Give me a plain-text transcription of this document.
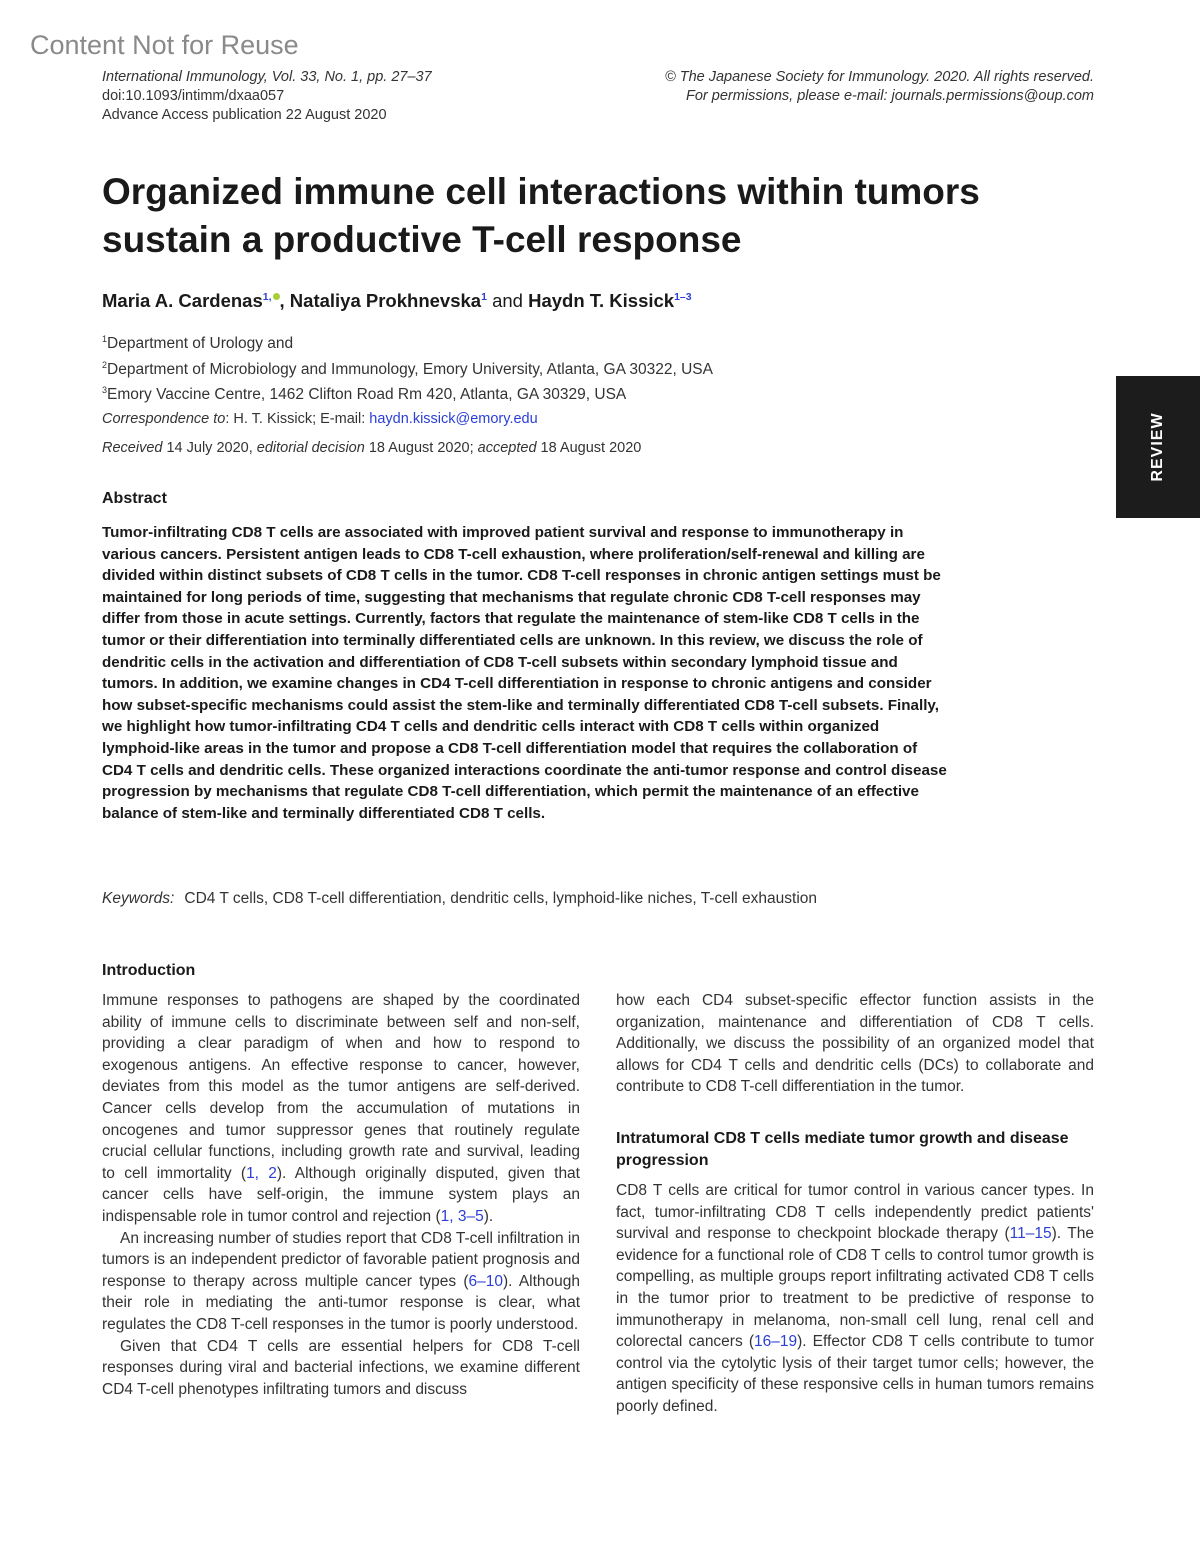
Content Not for Reuse
International Immunology, Vol. 33, No. 1, pp. 27–37
doi:10.1093/intimm/dxaa057
Advance Access publication 22 August 2020
© The Japanese Society for Immunology. 2020. All rights reserved.
For permissions, please e-mail: journals.permissions@oup.com
Organized immune cell interactions within tumors sustain a productive T-cell response
Maria A. Cardenas$^{1,}$ , Nataliya Prokhnevska$^1$ and Haydn T. Kissick$^{1-3}$
$^1$Department of Urology and
$^2$Department of Microbiology and Immunology, Emory University, Atlanta, GA 30322, USA
$^3$Emory Vaccine Centre, 1462 Clifton Road Rm 420, Atlanta, GA 30329, USA
Correspondence to: H. T. Kissick; E-mail: haydn.kissick@emory.edu
Received 14 July 2020, editorial decision 18 August 2020; accepted 18 August 2020	REVIEW
Abstract
Tumor-infiltrating CD8 T cells are associated with improved patient survival and response to immunotherapy in various cancers. Persistent antigen leads to CD8 T-cell exhaustion, where proliferation/self-renewal and killing are divided within distinct subsets of CD8 T cells in the tumor. CD8 T-cell responses in chronic antigen settings must be maintained for long periods of time, suggesting that mechanisms that regulate chronic CD8 T-cell responses may differ from those in acute settings. Currently, factors that regulate the maintenance of stem-like CD8 T cells in the tumor or their differentiation into terminally differentiated cells are unknown. In this review, we discuss the role of dendritic cells in the activation and differentiation of CD8 T-cell subsets within secondary lymphoid tissue and tumors. In addition, we examine changes in CD4 T-cell differentiation in response to chronic antigens and consider how subset-specific mechanisms could assist the stem-like and terminally differentiated CD8 T-cell subsets. Finally, we highlight how tumor-infiltrating CD4 T cells and dendritic cells interact with CD8 T cells within organized lymphoid-like areas in the tumor and propose a CD8 T-cell differentiation model that requires the collaboration of CD4 T cells and dendritic cells. These organized interactions coordinate the anti-tumor response and control disease progression by mechanisms that regulate CD8 T-cell differentiation, which permit the maintenance of an effective balance of stem-like and terminally differentiated CD8 T cells.
Keywords: CD4 T cells, CD8 T-cell differentiation, dendritic cells, lymphoid-like niches, T-cell exhaustion
Introduction

Immune responses to pathogens are shaped by the coordinated ability of immune cells to discriminate between self and non-self, providing a clear paradigm of when and how to respond to exogenous antigens. An effective response to cancer, however, deviates from this model as the tumor antigens are self-derived. Cancer cells develop from the accumulation of mutations in oncogenes and tumor suppressor genes that routinely regulate crucial cellular functions, including growth rate and survival, leading to cell immortality (1, 2). Although originally disputed, given that cancer cells have self-origin, the immune system plays an indispensable role in tumor control and rejection (1, 3–5).

An increasing number of studies report that CD8 T-cell infiltration in tumors is an independent predictor of favorable patient prognosis and response to therapy across multiple cancer types (6–10). Although their role in mediating the anti-tumor response is clear, what regulates the CD8 T-cell responses in the tumor is poorly understood.

Given that CD4 T cells are essential helpers for CD8 T-cell responses during viral and bacterial infections, we examine different CD4 T-cell phenotypes infiltrating tumors and discuss

how each CD4 subset-specific effector function assists in the organization, maintenance and differentiation of CD8 T cells. Additionally, we discuss the possibility of an organized model that allows for CD4 T cells and dendritic cells (DCs) to collaborate and contribute to CD8 T-cell differentiation in the tumor.

Intratumoral CD8 T cells mediate tumor growth and disease progression

CD8 T cells are critical for tumor control in various cancer types. In fact, tumor-infiltrating CD8 T cells independently predict patients' survival and response to checkpoint blockade therapy (11–15). The evidence for a functional role of CD8 T cells to control tumor growth is compelling, as multiple groups report infiltrating activated CD8 T cells in the tumor prior to treatment to be predictive of response to immunotherapy in melanoma, non-small cell lung, renal cell and colorectal cancers (16–19). Effector CD8 T cells contribute to tumor control via the cytolytic lysis of their target tumor cells; however, the antigen specificity of these responsive cells in human tumors remains poorly defined.
